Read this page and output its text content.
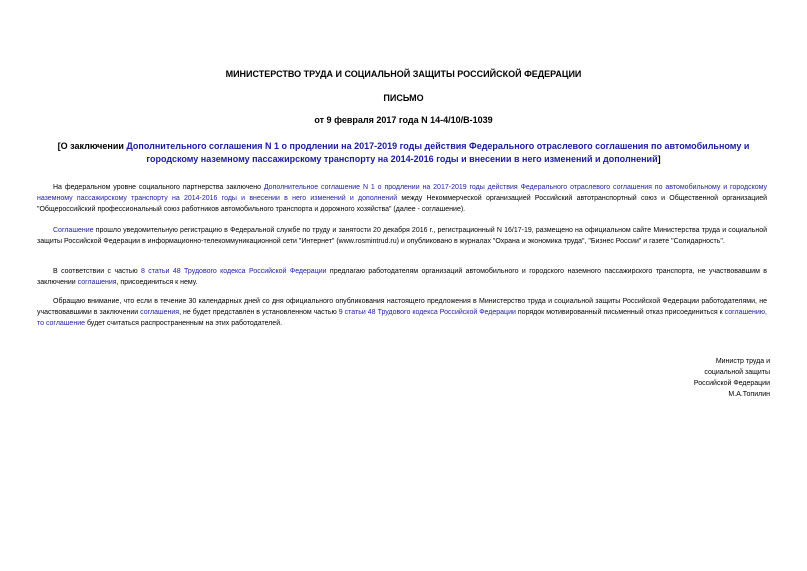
МИНИСТЕРСТВО ТРУДА И СОЦИАЛЬНОЙ ЗАЩИТЫ РОССИЙСКОЙ ФЕДЕРАЦИИ
ПИСЬМО
от 9 февраля 2017 года N 14-4/10/В-1039
[О заключении Дополнительного соглашения N 1 о продлении на 2017-2019 годы действия Федерального отраслевого соглашения по автомобильному и городскому наземному пассажирскому транспорту на 2014-2016 годы и внесении в него изменений и дополнений]
На федеральном уровне социального партнерства заключено Дополнительное соглашение N 1 о продлении на 2017-2019 годы действия Федерального отраслевого соглашения по автомобильному и городскому наземному пассажирскому транспорту на 2014-2016 годы и внесении в него изменений и дополнений между Некоммерческой организацией Российский автотранспортный союз и Общественной организацией "Общероссийский профессиональный союз работников автомобильного транспорта и дорожного хозяйства" (далее - соглашение).
Соглашение прошло уведомительную регистрацию в Федеральной службе по труду и занятости 20 декабря 2016 г., регистрационный N 16/17-19, размещено на официальном сайте Министерства труда и социальной защиты Российской Федерации в информационно-телекоммуникационной сети "Интернет" (www.rosmintrud.ru) и опубликовано в журналах "Охрана и экономика труда", "Бизнес России" и газете "Солидарность".
В соответствии с частью 8 статьи 48 Трудового кодекса Российской Федерации предлагаю работодателям организаций автомобильного и городского наземного пассажирского транспорта, не участвовавшим в заключении соглашения, присоединиться к нему.
Обращаю внимание, что если в течение 30 календарных дней со дня официального опубликования настоящего предложения в Министерство труда и социальной защиты Российской Федерации работодателями, не участвовавшими в заключении соглашения, не будет представлен в установленном частью 9 статьи 48 Трудового кодекса Российской Федерации порядок мотивированный письменный отказ присоединиться к соглашению, то соглашение будет считаться распространенным на этих работодателей.
Министр труда и
социальной защиты
Российской Федерации
М.А.Топилин
